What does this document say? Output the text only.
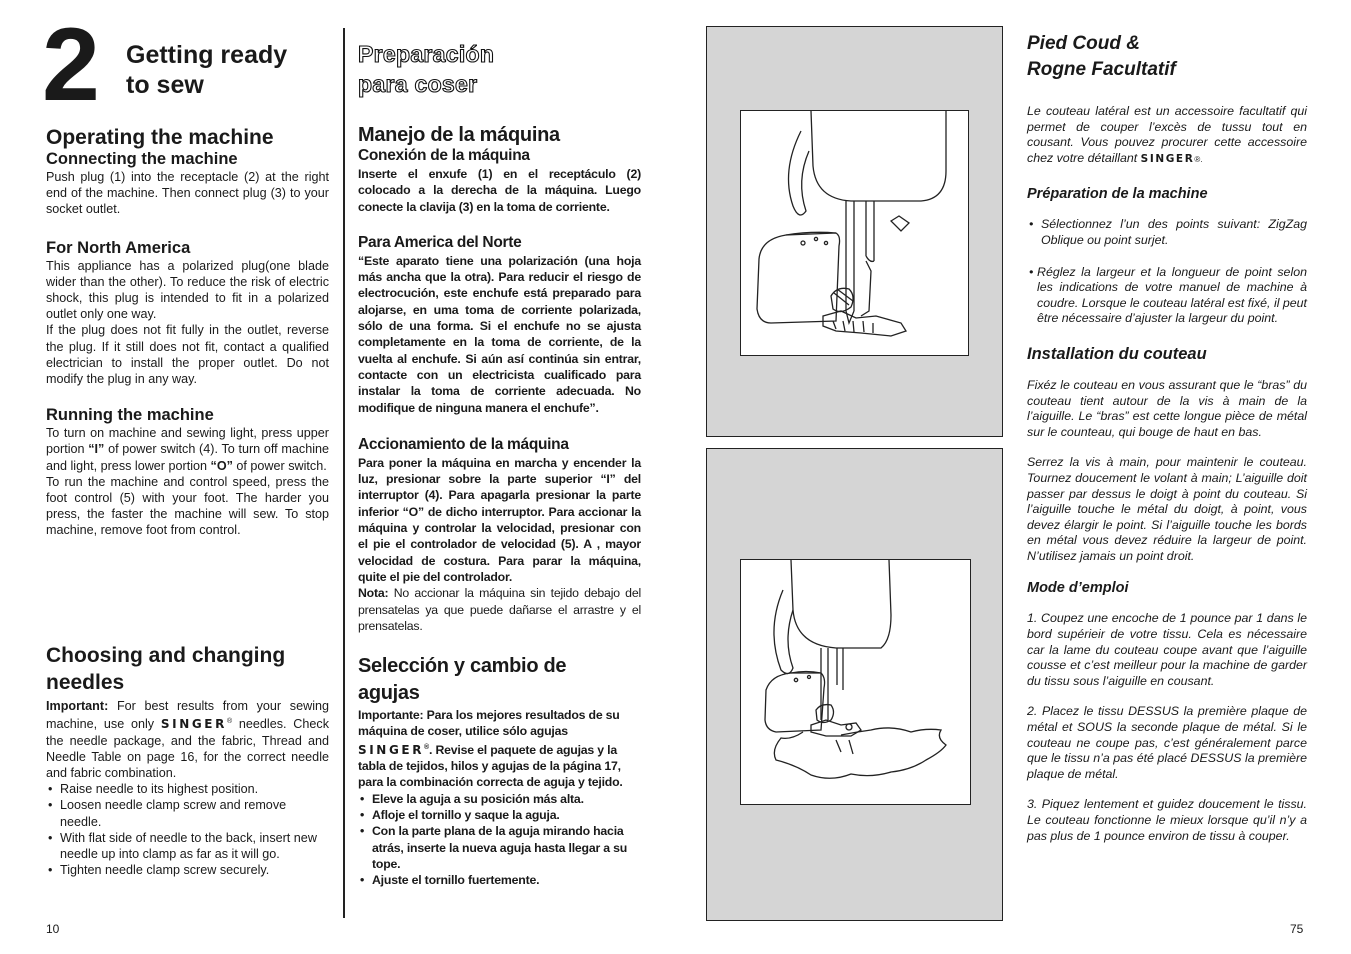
2 Getting ready
to sew
Operating the machine
Connecting the machine

Push plug (1) into the receptacle (2) at the right end of the machine. Then connect plug (3) to your socket outlet.

For North America

This appliance has a polarized plug(one blade wider than the other). To reduce the risk of electric shock, this plug is intended to fit in a polarized outlet only one way.

If the plug does not fit fully in the outlet, reverse the plug. If it still does not fit, contact a qualified electrician to install the proper outlet. Do not modify the plug in any way.

Running the machine

To turn on machine and sewing light, press upper portion “I” of power switch (4). To turn off machine and light, press lower portion “O” of power switch.

To run the machine and control speed, press the foot control (5) with your foot. The harder you press, the faster the machine will sew. To stop machine, remove foot from control.

Choosing and changing
needles

Important: For best results from your sewing machine, use only SINGER® needles. Check the needle package, and the fabric, Thread and Needle Table on page 16, for the correct needle and fabric combination.

• Raise needle to its highest position.
• Loosen needle clamp screw and remove needle.
• With flat side of needle to the back, insert new needle up into clamp as far as it will go.
• Tighten needle clamp screw securely.
10
Preparación
para coser
Manejo de la máquina
Conexión de la máquina

Inserte el enxufe (1) en el receptáculo (2) colocado a la derecha de la máquina. Luego conecte la clavija (3) en la toma de corriente.

Para America del Norte

“Este aparato tiene una polarización (una hoja más ancha que la otra). Para reducir el riesgo de electrocución, este enchufe está preparado para alojarse, en uma toma de corriente polarizada, sólo de una forma. Si el enchufe no se ajusta completamente en la toma de corriente, de la vuelta al enchufe. Si aún así continúa sin entrar, contacte con un electricista cualificado para instalar la toma de corriente adecuada. No modifique de ninguna manera el enchufe”.

Accionamiento de la máquina

Para poner la máquina en marcha y encender la luz, presionar sobre la parte superior “I” del interruptor (4). Para apagarla presionar la parte inferior “O” de dicho interruptor. Para accionar la máquina y controlar la velocidad, presionar con el pie el controlador de velocidad (5). A , mayor velocidad de costura. Para parar la máquina, quite el pie del controlador.

Nota: No accionar la máquina sin tejido debajo del prensatelas ya que puede dañarse el arrastre y el prensatelas.

Selección y cambio de
agujas

Importante: Para los mejores resultados de su máquina de coser, utilice sólo agujas SINGER®. Revise el paquete de agujas y la tabla de tejidos, hilos y agujas de la página 17, para la combinación correcta de aguja y tejido.

• Eleve la aguja a su posición más alta.
• Afloje el tornillo y saque la aguja.
• Con la parte plana de la aguja mirando hacia atrás, inserte la nueva aguja hasta llegar a su tope.
• Ajuste el tornillo fuertemente.
Pied Coud &
Rogne Facultatif

Le couteau latéral est un accessoire facultatif qui permet de couper l’excès de tussu tout en cousant. Vous pouvez procurer cette accessoire chez votre détaillant SINGER®.

Préparation de la machine
• Sélectionnez l’un des points suivant: ZigZag Oblique ou point surjet.
• Réglez la largeur et la longueur de point selon les indications de votre manuel de machine à coudre. Lorsque le couteau latéral est fixé, il peut être nécessaire d’ajuster la largeur du point.
Installation du couteau

Fixéz le couteau en vous assurant que le “bras” du couteau tient autour de la vis à main de la l’aiguille. Le “bras” est cette longue pièce de métal sur le counteau, qui bouge de haut en bas.

Serrez la vis à main, pour maintenir le couteau. Tournez doucement le volant à main; L’aiguille doit passer par dessus le doigt à point du couteau. Si l’aiguille touche le métal du doigt, à point, vous devez élargir le point. Si l’aiguille touche les bords en métal vous devez réduire la largeur de point. N’utilisez jamais un point droit.

Mode d’emploi

1. Coupez une encoche de 1 pounce par 1 dans le bord supérieir de votre tissu. Cela es nécessaire car la lame du couteau coupe avant que l’aiguille cousse et c’est meilleur pour la machine de garder du tissu sous l’aiguille en cousant.

2. Placez le tissu DESSUS la première plaque de métal et SOUS la seconde plaque de métal. Si le couteau ne coupe pas, c’est généralement parce que le tissu n’a pas été placé DESSUS la première plaque de métal.

3. Piquez lentement et guidez doucement le tissu. Le couteau fonctionne le mieux lorsque qu’il n’y a pas plus de 1 pounce environ de tissu à couper.

75
